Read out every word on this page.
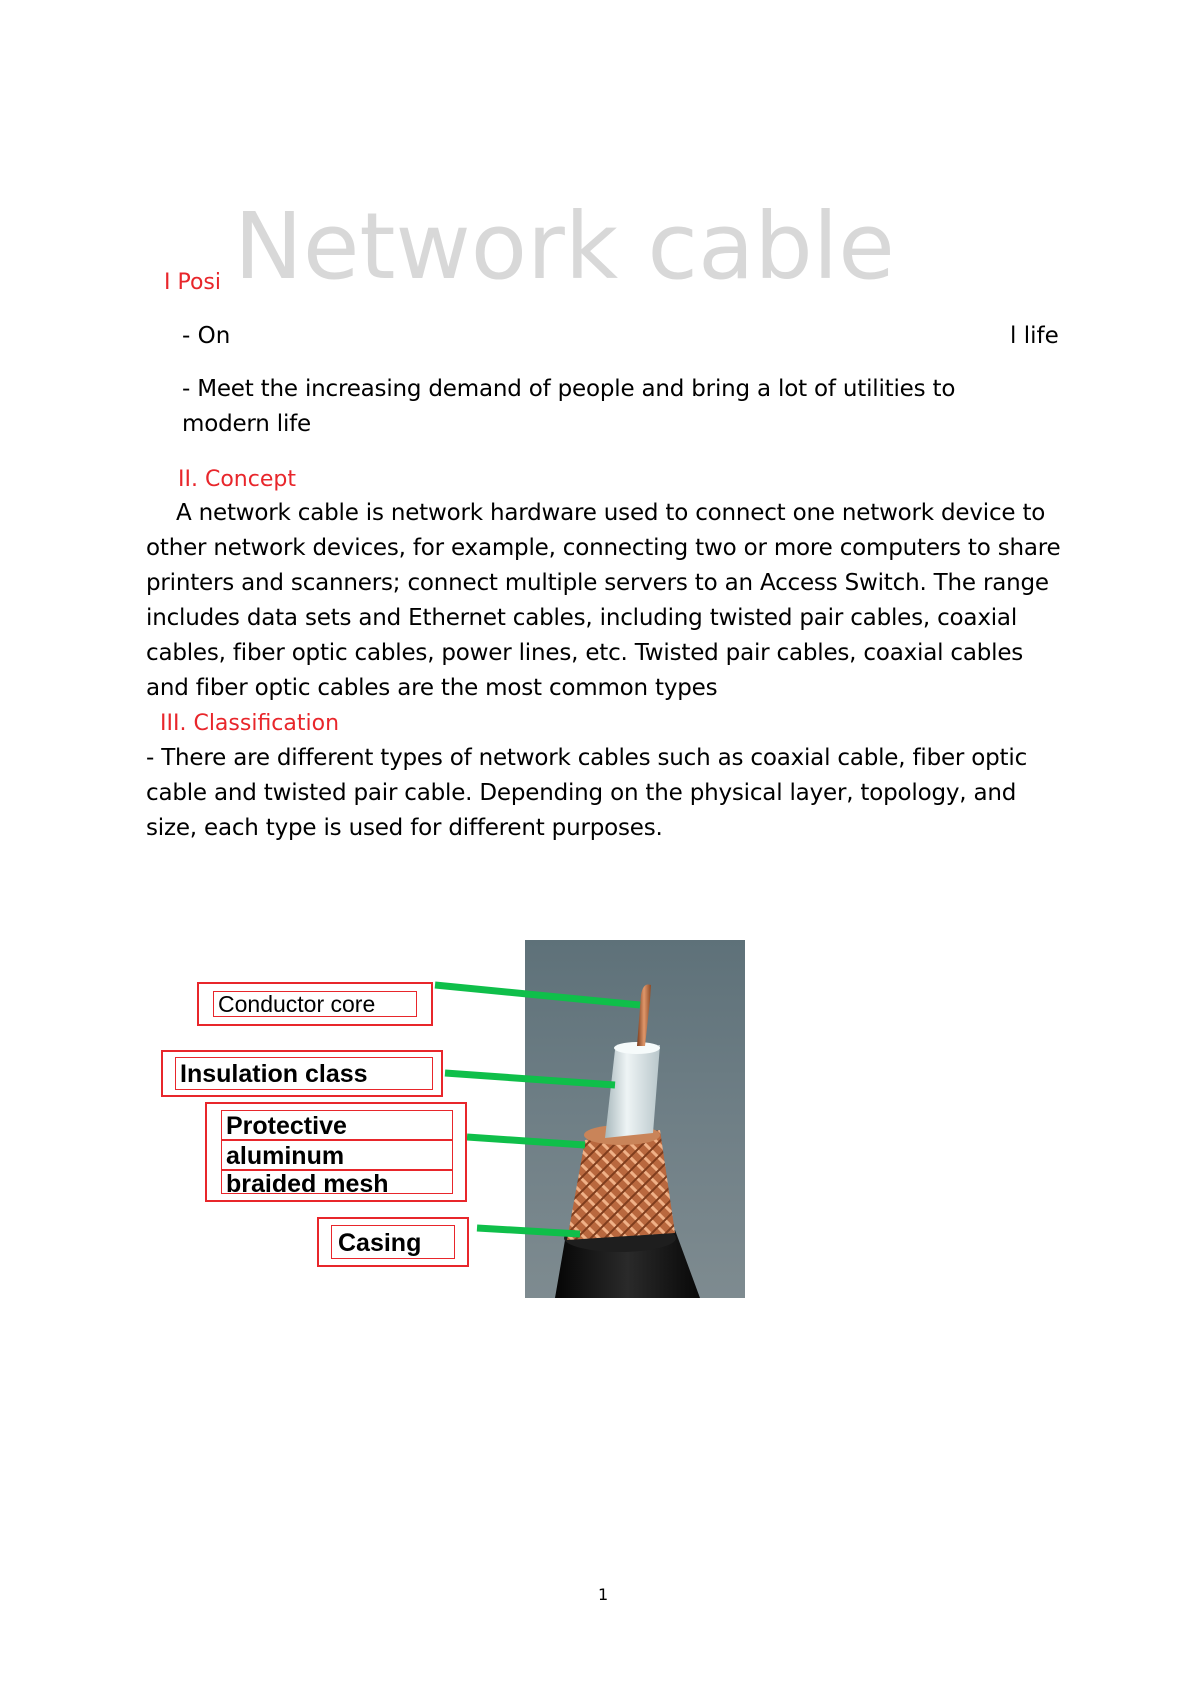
Network cable
I Posi
- On	l life
- Meet the increasing demand of people and bring a lot of utilities to
modern life
II. Concept

A network cable is network hardware used to connect one network device to other network devices, for example, connecting two or more computers to share printers and scanners; connect multiple servers to an Access Switch. The range includes data sets and Ethernet cables, including twisted pair cables, coaxial cables, fiber optic cables, power lines, etc. Twisted pair cables, coaxial cables and fiber optic cables are the most common types

III. Classification

- There are different types of network cables such as coaxial cable, fiber optic cable and twisted pair cable. Depending on the physical layer, topology, and size, each type is used for different purposes.

Conductor core
Insulation class
Protective
aluminum
braided mesh
Casing
1
